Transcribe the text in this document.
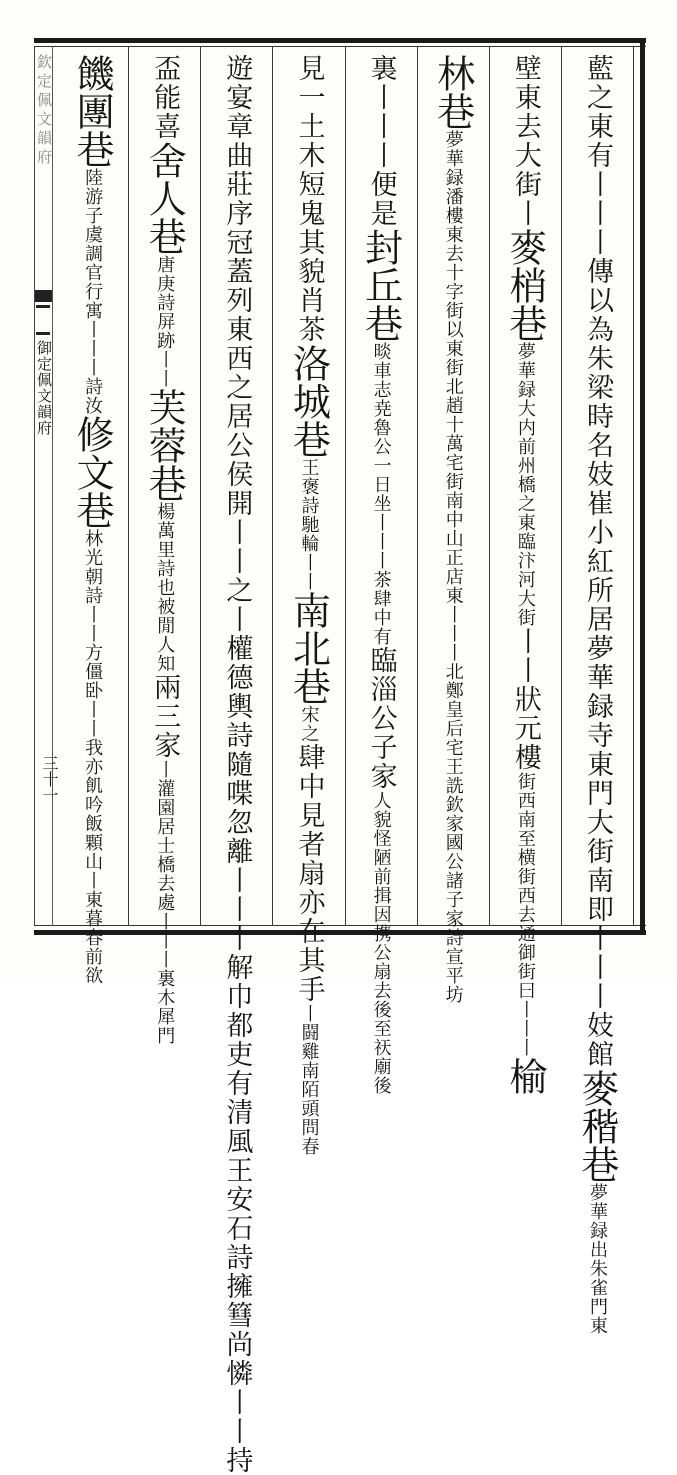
欽定佩文韻府
御定佩文韻府
三十一
藍之東有丨丨丨傳以為朱梁時名妓崔小紅所居夢華録寺東門大街南即丨丨丨妓館麥稭巷夢華録出朱雀門東
壁東去大街丨麥梢巷夢華録大内前州橋之東臨汴河大街丨丨狀元樓街西南至横街西去通御街曰丨丨丨榆
林巷夢華録潘樓東去十字街以東街北趙十萬宅街南中山正店東丨丨丨北鄭皇后宅王詵欽家國公諸子家詩宣平坊
裏丨丨丨便是封丘巷晱車志尭魯公一日坐丨丨丨茶肆中有臨淄公子家人貌怪陋前揖因携公扇去後至祆廟後
見一土木短鬼其貌肖茶洛城巷王褒詩馳輪丨丨南北巷宋之肆中見者扇亦在其手丨闘雞南陌頭問春
遊宴章曲莊序冠蓋列東西之居公侯開丨丨之丨權德輿詩隨喋忽離丨丨丨解巾都吏有清風王安石詩擁篲尚憐丨丨持
盃能喜舍人巷唐庚詩屏跡丨丨芙蓉巷楊萬里詩也被閒人知兩三家丨灌園居士橋去處丨丨丨裏木犀門
饑團巷陸游子虞調官行寓丨丨丨詩汝修文巷林光朝詩丨丨方僵卧丨丨我亦飢吟飯顆山丨東暮春前欲
